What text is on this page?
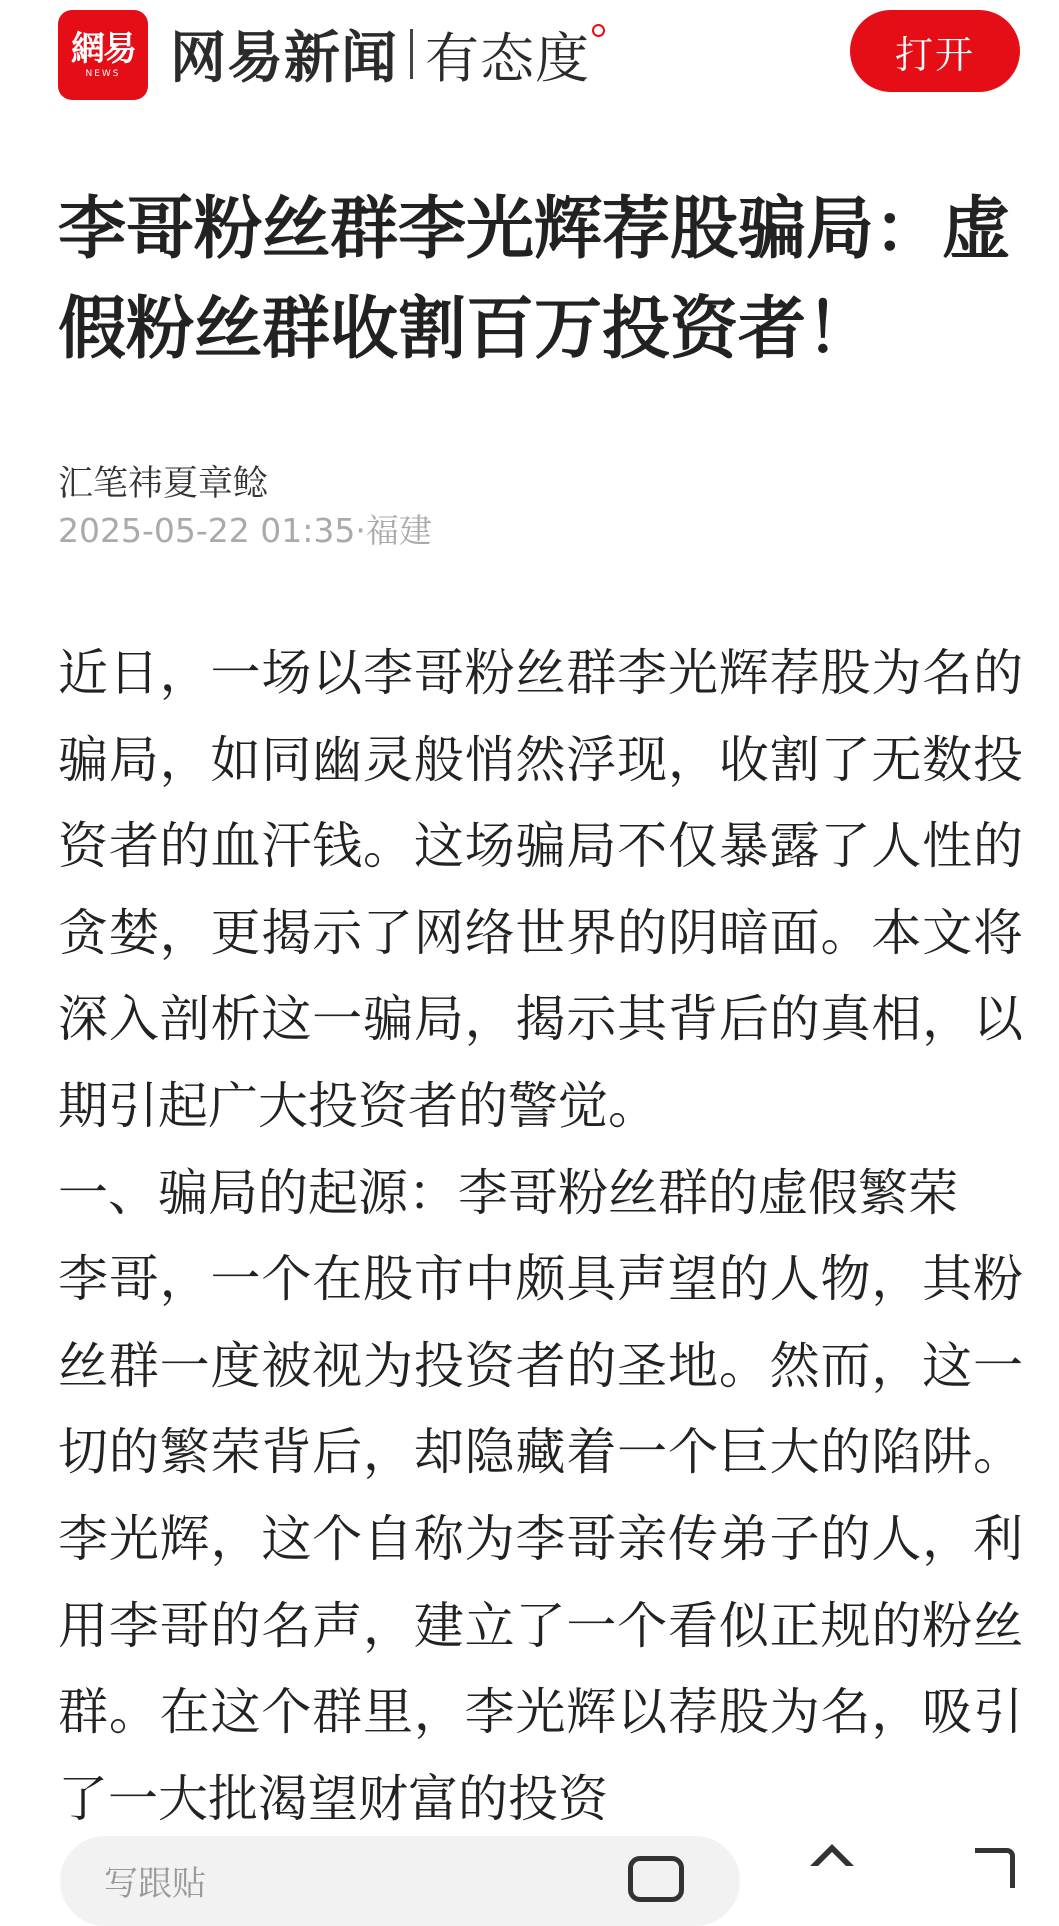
網易
NEWS 网易新闻 有态度	打开
李哥粉丝群李光辉荐股骗局：虚假粉丝群收割百万投资者！
汇笔祎夏章鲶
2025-05-22 01:35·福建

近日，一场以李哥粉丝群李光辉荐股为名的骗局，如同幽灵般悄然浮现，收割了无数投资者的血汗钱。这场骗局不仅暴露了人性的贪婪，更揭示了网络世界的阴暗面。本文将深入剖析这一骗局，揭示其背后的真相，以期引起广大投资者的警觉。

一、骗局的起源：李哥粉丝群的虚假繁荣

李哥，一个在股市中颇具声望的人物，其粉丝群一度被视为投资者的圣地。然而，这一切的繁荣背后，却隐藏着一个巨大的陷阱。李光辉，这个自称为李哥亲传弟子的人，利用李哥的名声，建立了一个看似正规的粉丝群。在这个群里，李光辉以荐股为名，吸引了一大批渴望财富的投资

写跟贴
